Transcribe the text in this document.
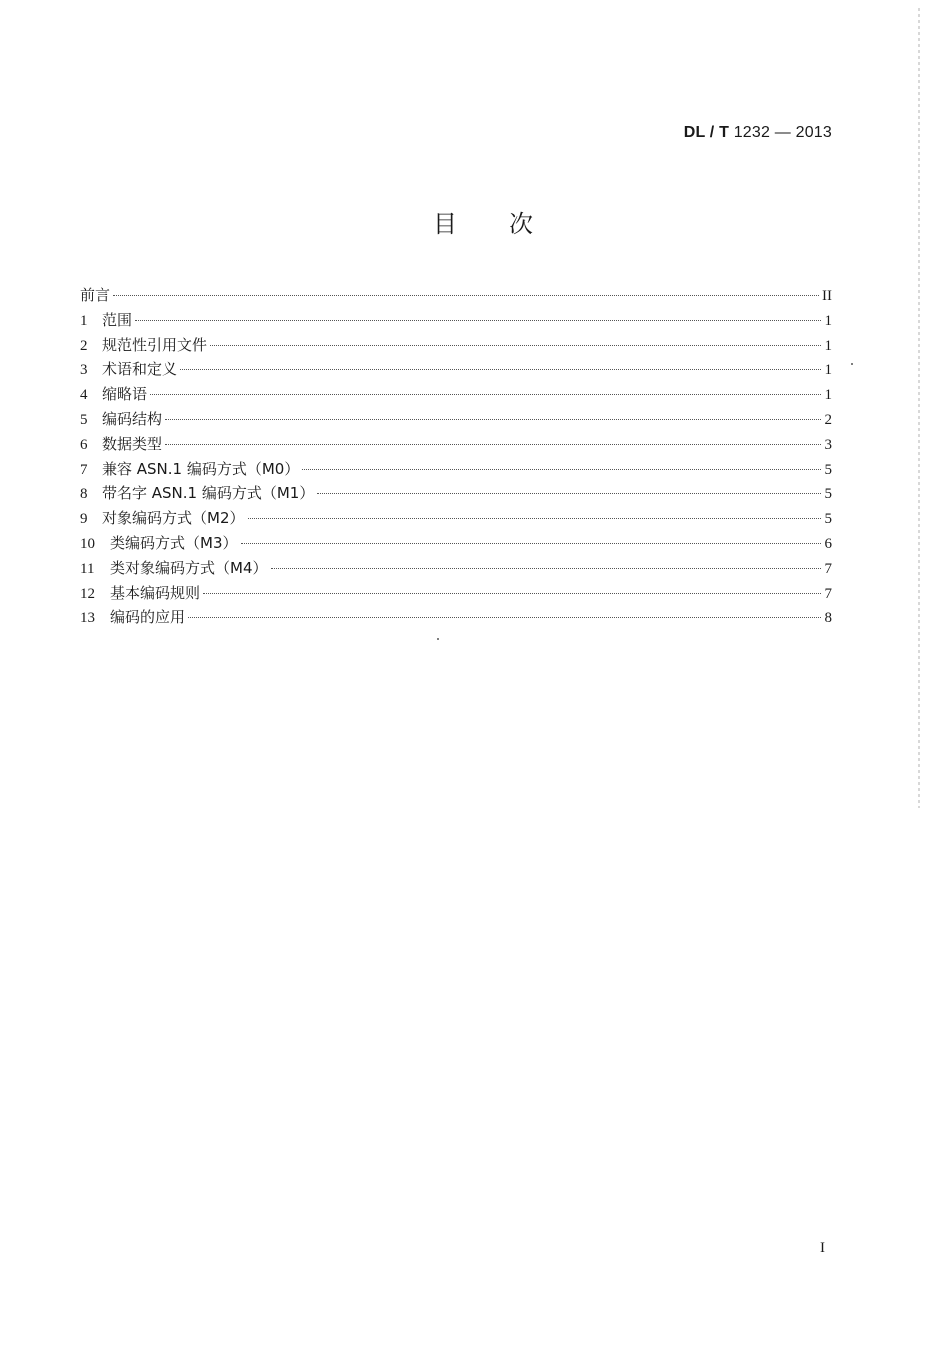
DL / T 1232 — 2013
目次
前言	II
1 范围	1
2 规范性引用文件	1
3 术语和定义	1
4 缩略语	1
5 编码结构	2
6 数据类型	3
7 兼容 ASN.1 编码方式（M0）	5
8 带名字 ASN.1 编码方式（M1）	5
9 对象编码方式（M2）	5
10	类编码方式（M3）	6
11	类对象编码方式（M4）	7
12	基本编码规则	7
13	编码的应用	8
I
